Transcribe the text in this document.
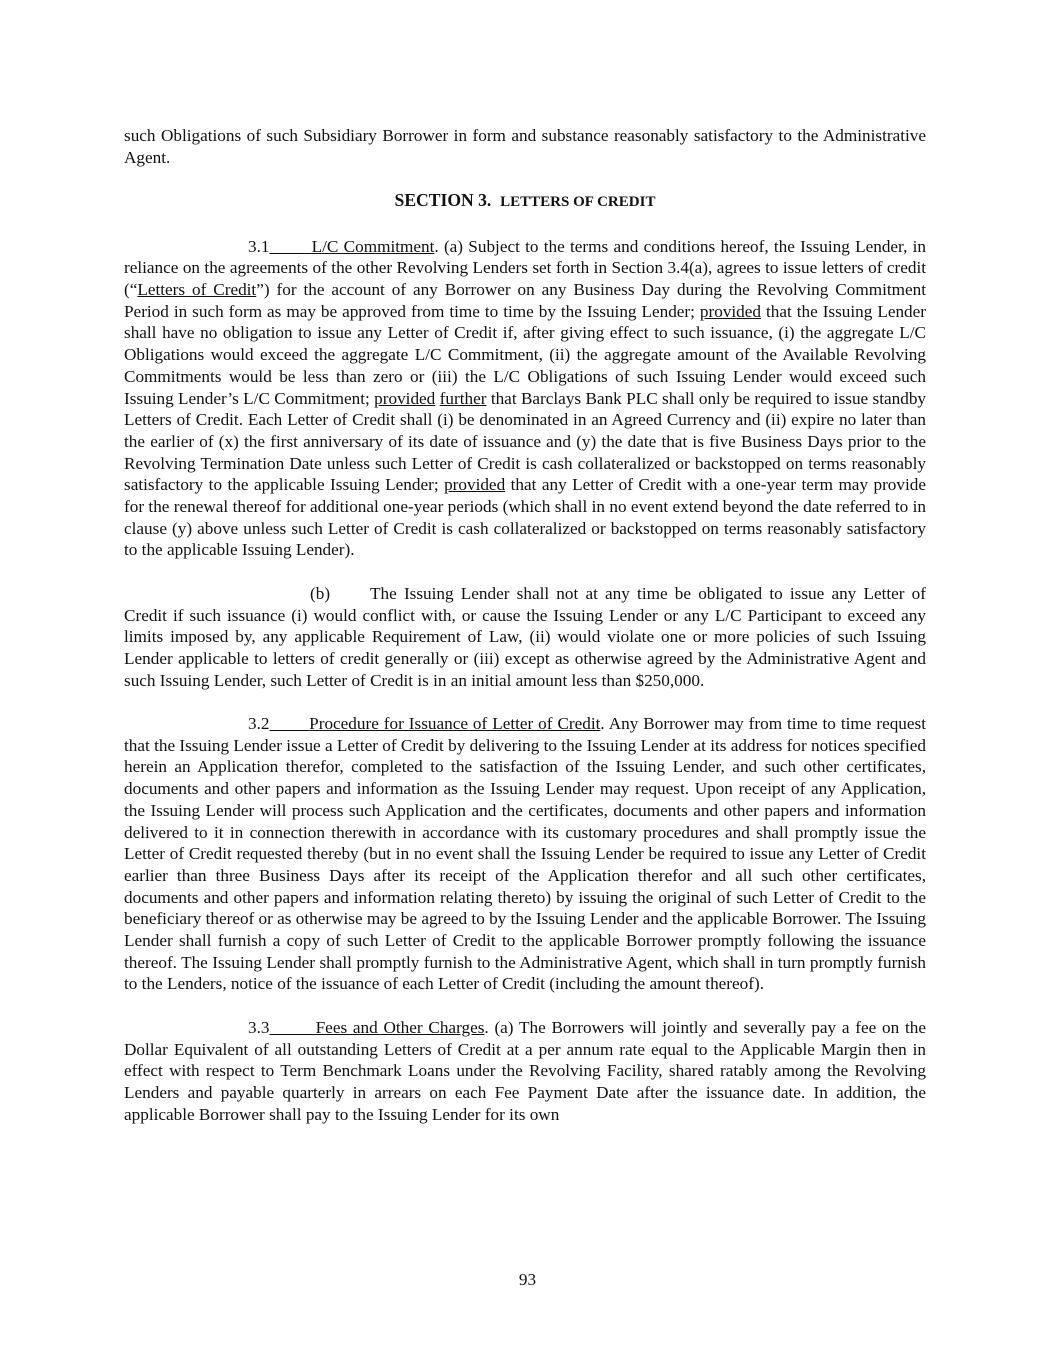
such Obligations of such Subsidiary Borrower in form and substance reasonably satisfactory to the Administrative Agent.

SECTION 3. LETTERS OF CREDIT

3.1 L/C Commitment. (a) Subject to the terms and conditions hereof, the Issuing Lender, in reliance on the agreements of the other Revolving Lenders set forth in Section 3.4(a), agrees to issue letters of credit (“Letters of Credit”) for the account of any Borrower on any Business Day during the Revolving Commitment Period in such form as may be approved from time to time by the Issuing Lender; provided that the Issuing Lender shall have no obligation to issue any Letter of Credit if, after giving effect to such issuance, (i) the aggregate L/C Obligations would exceed the aggregate L/C Commitment, (ii) the aggregate amount of the Available Revolving Commitments would be less than zero or (iii) the L/C Obligations of such Issuing Lender would exceed such Issuing Lender’s L/C Commitment; provided further that Barclays Bank PLC shall only be required to issue standby Letters of Credit. Each Letter of Credit shall (i) be denominated in an Agreed Currency and (ii) expire no later than the earlier of (x) the first anniversary of its date of issuance and (y) the date that is five Business Days prior to the Revolving Termination Date unless such Letter of Credit is cash collateralized or backstopped on terms reasonably satisfactory to the applicable Issuing Lender; provided that any Letter of Credit with a one-year term may provide for the renewal thereof for additional one-year periods (which shall in no event extend beyond the date referred to in clause (y) above unless such Letter of Credit is cash collateralized or backstopped on terms reasonably satisfactory to the applicable Issuing Lender).

(b) The Issuing Lender shall not at any time be obligated to issue any Letter of Credit if such issuance (i) would conflict with, or cause the Issuing Lender or any L/C Participant to exceed any limits imposed by, any applicable Requirement of Law, (ii) would violate one or more policies of such Issuing Lender applicable to letters of credit generally or (iii) except as otherwise agreed by the Administrative Agent and such Issuing Lender, such Letter of Credit is in an initial amount less than $250,000.

3.2 Procedure for Issuance of Letter of Credit. Any Borrower may from time to time request that the Issuing Lender issue a Letter of Credit by delivering to the Issuing Lender at its address for notices specified herein an Application therefor, completed to the satisfaction of the Issuing Lender, and such other certificates, documents and other papers and information as the Issuing Lender may request. Upon receipt of any Application, the Issuing Lender will process such Application and the certificates, documents and other papers and information delivered to it in connection therewith in accordance with its customary procedures and shall promptly issue the Letter of Credit requested thereby (but in no event shall the Issuing Lender be required to issue any Letter of Credit earlier than three Business Days after its receipt of the Application therefor and all such other certificates, documents and other papers and information relating thereto) by issuing the original of such Letter of Credit to the beneficiary thereof or as otherwise may be agreed to by the Issuing Lender and the applicable Borrower. The Issuing Lender shall furnish a copy of such Letter of Credit to the applicable Borrower promptly following the issuance thereof. The Issuing Lender shall promptly furnish to the Administrative Agent, which shall in turn promptly furnish to the Lenders, notice of the issuance of each Letter of Credit (including the amount thereof).

3.3	Fees and Other Charges. (a) The Borrowers will jointly and severally pay a fee on the Dollar Equivalent of all outstanding Letters of Credit at a per annum rate equal to the Applicable Margin then in effect with respect to Term Benchmark Loans under the Revolving Facility, shared ratably among the Revolving Lenders and payable quarterly in arrears on each Fee Payment Date after the issuance date. In addition, the applicable Borrower shall pay to the Issuing Lender for its own

93
